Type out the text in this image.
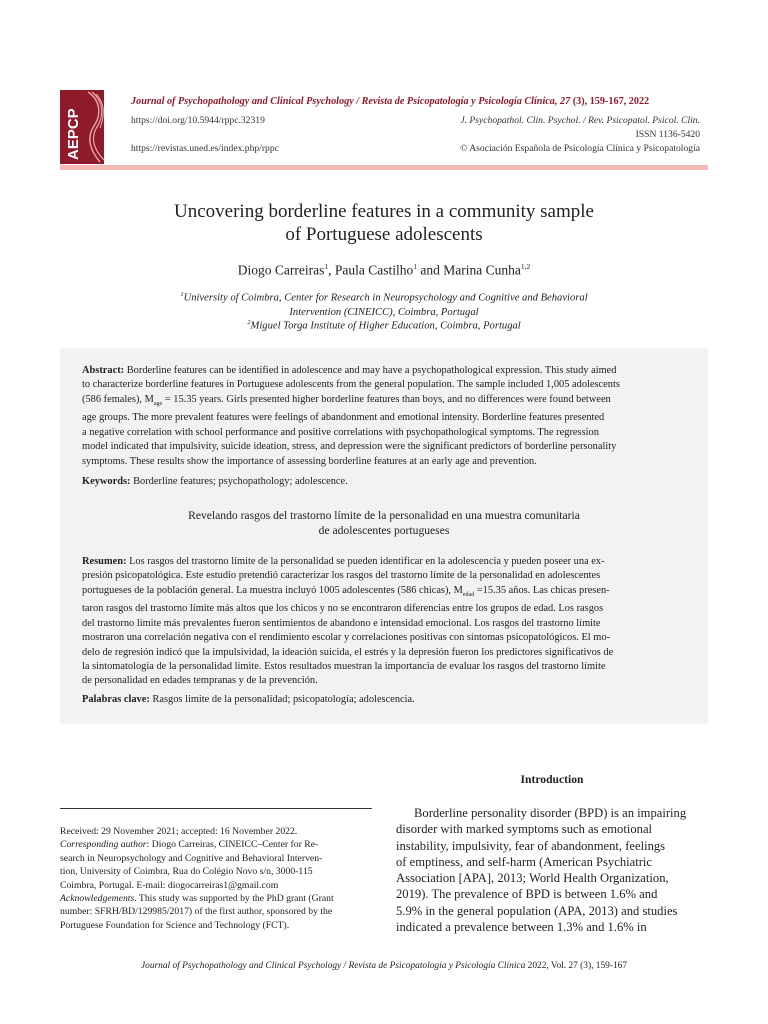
AEPCP
Journal of Psychopathology and Clinical Psychology / Revista de Psicopatología y Psicología Clínica, 27 (3), 159-167, 2022
https://doi.org/10.5944/rppc.32319	J. Psychopathol. Clin. Psychol. / Rev. Psicopatol. Psicol. Clin.
ISSN 1136-5420
https://revistas.uned.es/index.php/rppc	© Asociación Española de Psicología Clínica y Psicopatología
Uncovering borderline features in a community sample
of Portuguese adolescents
Diogo Carreiras$^1$, Paula Castilho$^1$ and Marina Cunha$^{1,2}$
$^1$University of Coimbra, Center for Research in Neuropsychology and Cognitive and Behavioral
Intervention (CINEICC), Coimbra, Portugal
$^2$Miguel Torga Institute of Higher Education, Coimbra, Portugal
Abstract: Borderline features can be identified in adolescence and may have a psychopathological expression. This study aimed
to characterize borderline features in Portuguese adolescents from the general population. The sample included 1,005 adolescents
(586 females), $M_{age} = 15.35$ years. Girls presented higher borderline features than boys, and no differences were found between
age groups. The more prevalent features were feelings of abandonment and emotional intensity. Borderline features presented
a negative correlation with school performance and positive correlations with psychopathological symptoms. The regression
model indicated that impulsivity, suicide ideation, stress, and depression were the significant predictors of borderline personality
symptoms. These results show the importance of assessing borderline features at an early age and prevention.
Keywords: Borderline features; psychopathology; adolescence.
Revelando rasgos del trastorno límite de la personalidad en una muestra comunitaria
de adolescentes portugueses
Resumen: Los rasgos del trastorno límite de la personalidad se pueden identificar en la adolescencia y pueden poseer una ex-
presión psicopatológica. Este estudio pretendió caracterizar los rasgos del trastorno límite de la personalidad en adolescentes
portugueses de la población general. La muestra incluyó 1005 adolescentes (586 chicas), $M_{edad} =15.35$ años. Las chicas presen-
taron rasgos del trastorno límite más altos que los chicos y no se encontraron diferencias entre los grupos de edad. Los rasgos
del trastorno límite más prevalentes fueron sentimientos de abandono e intensidad emocional. Los rasgos del trastorno límite
mostraron una correlación negativa con el rendimiento escolar y correlaciones positivas con síntomas psicopatológicos. El mo-
delo de regresión indicó que la impulsividad, la ideación suicida, el estrés y la depresión fueron los predictores significativos de
la sintomatología de la personalidad límite. Estos resultados muestran la importancia de evaluar los rasgos del trastorno límite
de personalidad en edades tempranas y de la prevención.
Palabras clave: Rasgos limite de la personalidad; psicopatología; adolescencia.
Introduction
Borderline personality disorder (BPD) is an impairing
disorder with marked symptoms such as emotional
instability, impulsivity, fear of abandonment, feelings
of emptiness, and self-harm (American Psychiatric
Association [APA], 2013; World Health Organization,
2019). The prevalence of BPD is between 1.6% and
5.9% in the general population (APA, 2013) and studies
indicated a prevalence between 1.3% and 1.6% in
Received: 29 November 2021; accepted: 16 November 2022.
Corresponding author: Diogo Carreiras, CINEICC–Center for Re-
search in Neuropsychology and Cognitive and Behavioral Interven-
tion, University of Coimbra, Rua do Colégio Novo s/n, 3000-115
Coimbra, Portugal. E-mail: diogocarreiras1@gmail.com
Acknowledgements. This study was supported by the PhD grant (Grant
number: SFRH/BD/129985/2017) of the first author, sponsored by the
Portuguese Foundation for Science and Technology (FCT).
Journal of Psychopathology and Clinical Psychology / Revista de Psicopatología y Psicología Clínica 2022, Vol. 27 (3), 159-167
